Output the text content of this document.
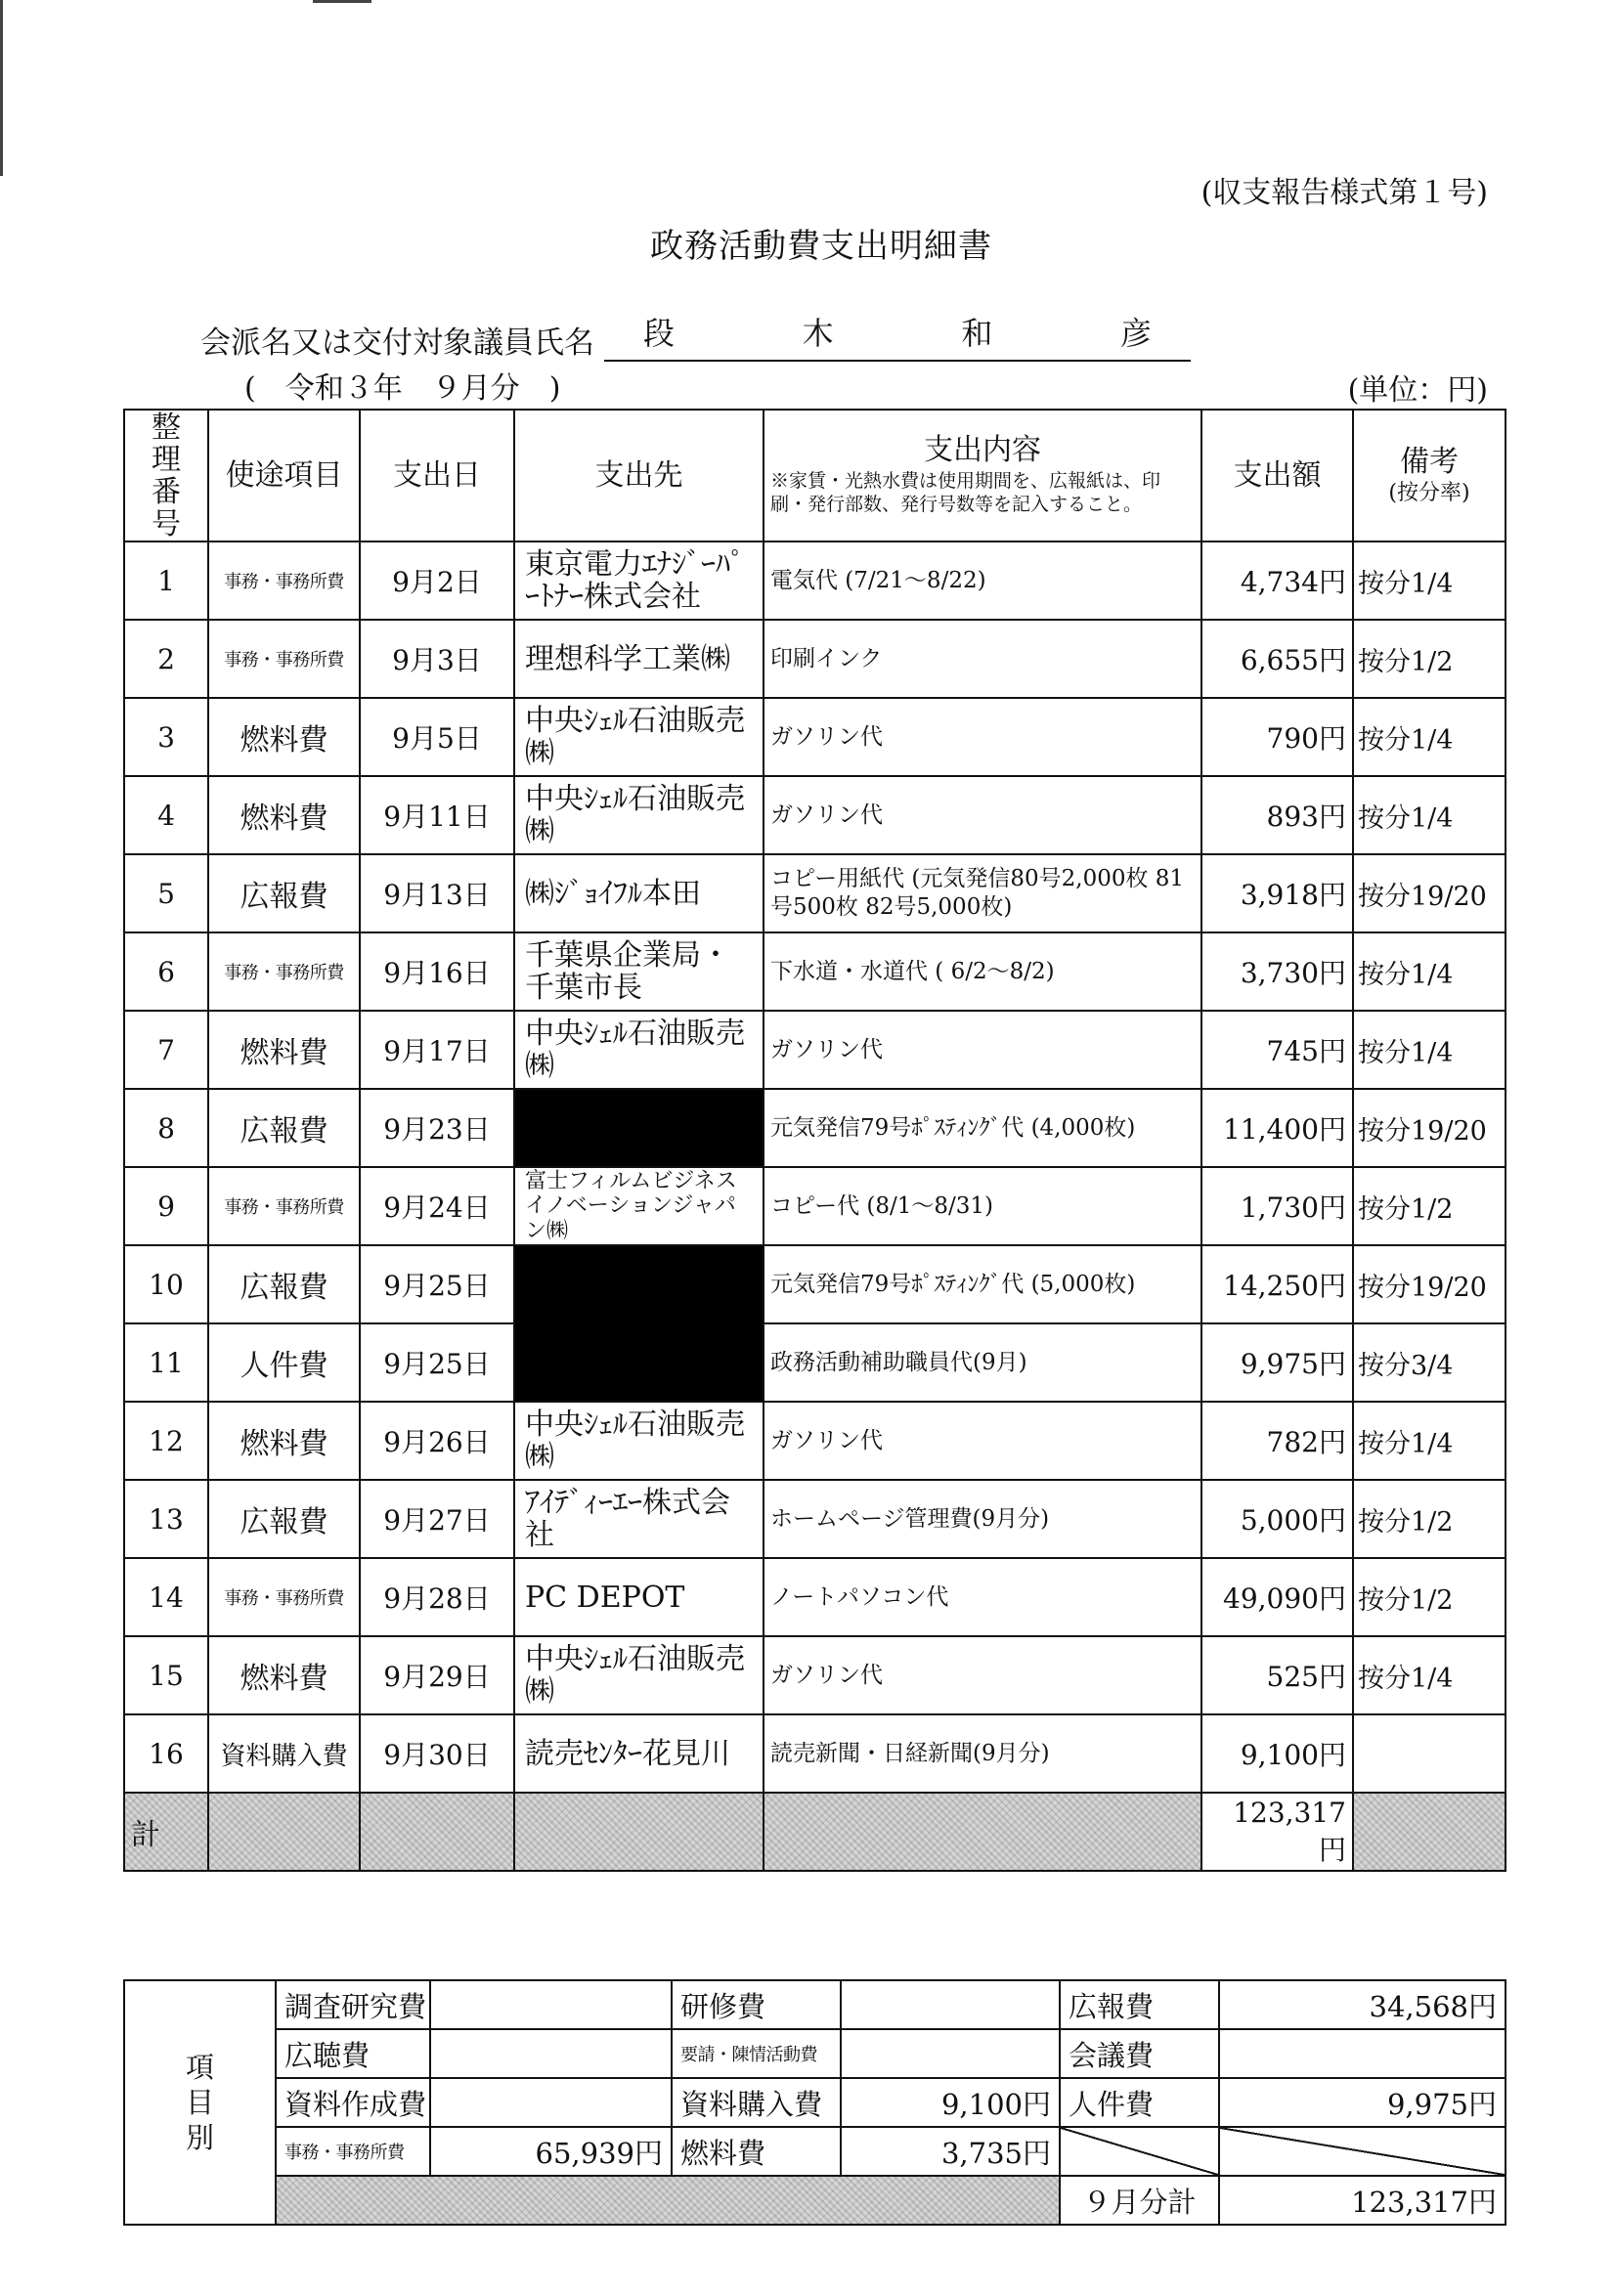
(収支報告様式第１号)
政務活動費支出明細書
会派名又は交付対象議員氏名 段	木	和	彦
(　令和３年　９月分　)	(単位：円)
整理番号	使途項目	支出日	支出先	支出内容
※家賃・光熱水費は使用期間を、広報紙は、印刷・発行部数、発行号数等を記入すること。	支出額	備考
(按分率)

1	事務・事務所費	9月2日	東京電力ｴﾅｼﾞｰﾊﾟｰﾄﾅｰ株式会社	電気代 (7/21～8/22)	4,734円	按分1/4
2	事務・事務所費	9月3日	理想科学工業㈱	印刷インク	6,655円	按分1/2
3	燃料費	9月5日	中央ｼｪﾙ石油販売㈱	ガソリン代	790円	按分1/4
4	燃料費	9月11日	中央ｼｪﾙ石油販売㈱	ガソリン代	893円	按分1/4
5	広報費	9月13日	㈱ｼﾞｮｲﾌﾙ本田	コピー用紙代 (元気発信80号2,000枚 81号500枚 82号5,000枚)	3,918円	按分19/20
6	事務・事務所費	9月16日	千葉県企業局・千葉市長	下水道・水道代 ( 6/2～8/2)	3,730円	按分1/4
7	燃料費	9月17日	中央ｼｪﾙ石油販売㈱	ガソリン代	745円	按分1/4
8	広報費	9月23日		元気発信79号ﾎﾟｽﾃｨﾝｸﾞ代 (4,000枚)	11,400円	按分19/20
9	事務・事務所費	9月24日	富士フィルムビジネスイノベーションジャパン㈱	コピー代 (8/1～8/31)	1,730円	按分1/2
10	広報費	9月25日		元気発信79号ﾎﾟｽﾃｨﾝｸﾞ代 (5,000枚)	14,250円	按分19/20
11	人件費	9月25日		政務活動補助職員代(9月)	9,975円	按分3/4
12	燃料費	9月26日	中央ｼｪﾙ石油販売㈱	ガソリン代	782円	按分1/4
13	広報費	9月27日	ｱｲﾃﾞｨｰｴｰ株式会社	ホームページ管理費(9月分)	5,000円	按分1/2
14	事務・事務所費	9月28日	PC DEPOT	ノートパソコン代	49,090円	按分1/2
15	燃料費	9月29日	中央ｼｪﾙ石油販売㈱	ガソリン代	525円	按分1/4
16	資料購入費	9月30日	読売ｾﾝﾀｰ花見川	読売新聞・日経新聞(9月分)	9,100円	
計					123,317円	
項
目
別	調査研究費		研修費		広報費	34,568円
	広聴費		要請・陳情活動費		会議費	
	資料作成費		資料購入費	9,100円	人件費	9,975円
	事務・事務所費	65,939円	燃料費	3,735円		
					９月分計	123,317円
